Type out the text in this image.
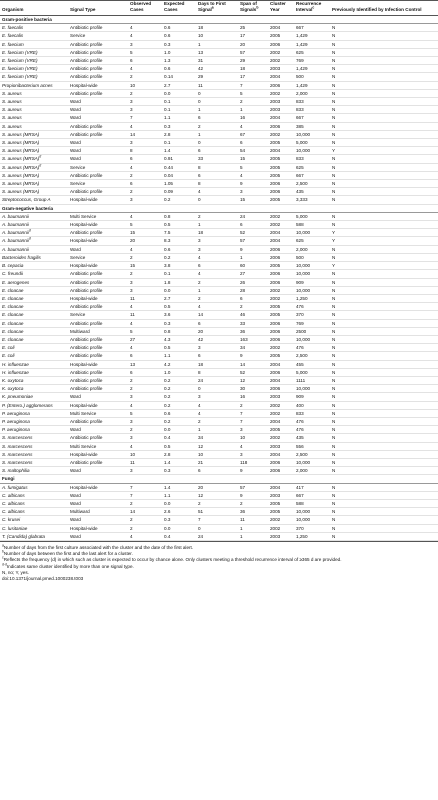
Organism	Signal Type	Observed Cases	Expected Cases	Days to First Signal$^a$	Span of Signals$^b$	Cluster Year	Recurrence Interval$^c$	Previously Identified by Infection Control
Gram-positive bacteria								
E. faecalis	Antibiotic profile	4	0.6	18	25	2004	667	N
E. faecalis	Service	4	0.6	10	17	2005	1,429	N
E. faecium	Antibiotic profile	3	0.3	1	20	2006	1,429	N
E. faecium (VRE)	Antibiotic profile	5	1.0	13	57	2002	625	N
E. faecium (VRE)	Antibiotic profile	6	1.3	31	29	2002	769	N
E. faecium (VRE)	Antibiotic profile	4	0.6	42	18	2003	1,429	N
E. faecium (VRE)	Antibiotic profile	2	0.14	29	17	2004	500	N
Propionibacterium acnes	Hospital-wide	10	2.7	11	7	2006	1,429	N
S. aureus	Antibiotic profile	2	0.0	0	5	2002	2,000	N
S. aureus	Ward	3	0.1	0	2	2003	833	N
S. aureus	Ward	3	0.1	1	1	2003	833	N
S. aureus	Ward	7	1.1	6	16	2004	667	N
S. aureus	Antibiotic profile	4	0.3	2	4	2006	385	N
S. aureus (MRSA)	Antibiotic profile	14	2.8	1	67	2002	10,000	N
S. aureus (MRSA)	Ward	3	0.1	0	6	2005	5,000	N
S. aureus (MRSA)	Ward	8	1.4	6	54	2004	10,000	Y
S. aureus (MRSA)$^d$	Ward	6	0.91	33	15	2005	833	N
S. aureus (MRSA)$^d$	Service	4	0.44	8	5	2005	625	N
S. aureus (MRSA)	Antibiotic profile	2	0.04	6	4	2005	667	N
S. aureus (MRSA)	Service	6	1.05	8	9	2006	2,500	N
S. aureus (MRSA)	Antibiotic profile	2	0.09	4	3	2006	435	N
Streptococcus, Group A	Hospital-wide	3	0.2	0	15	2005	3,333	N
Gram-negative bacteria								
A. baumannii	Multi Service	4	0.8	2	24	2002	5,000	N
A. baumannii	Hospital-wide	5	0.5	1	6	2002	588	N
A. baumannii$^d$	Antibiotic profile	15	7.5	18	52	2004	10,000	Y
A. baumannii$^d$	Hospital-wide	20	8.3	3	57	2004	625	Y
A. baumannii	Ward	4	0.6	3	9	2006	2,000	N
Bacteroides fragilis	Service	2	0.2	4	1	2006	500	N
B. cepacia	Hospital-wide	15	3.8	6	60	2005	10,000	Y
C. freundii	Antibiotic profile	2	0.1	4	27	2006	10,000	N
E. aerogenes	Antibiotic profile	3	1.8	2	26	2006	909	N
E. cloacae	Antibiotic profile	3	0.0	1	28	2002	10,000	N
E. cloacae	Hospital-wide	11	2.7	2	6	2002	1,250	N
E. cloacae	Antibiotic profile	4	0.5	4	2	2005	476	N
E. cloacae	Service	11	3.6	14	46	2005	370	N
E. cloacae	Antibiotic profile	4	0.3	6	33	2006	769	N
E. cloacae	Multiward	5	0.8	20	36	2006	2500	N
E. cloacae	Antibiotic profile	27	4.3	42	163	2006	10,000	N
E. coli	Antibiotic profile	4	0.5	3	34	2002	476	N
E. coli	Antibiotic profile	6	1.1	6	9	2005	2,500	N
H. influenzae	Hospital-wide	13	4.2	18	14	2004	455	N
H. influenzae	Antibiotic profile	6	1.0	8	52	2006	5,000	N
K. oxytoca	Antibiotic profile	2	0.2	24	12	2004	1111	N
K. oxytoca	Antibiotic profile	2	0.2	0	30	2006	10,000	N
K. pneumoniae	Ward	3	0.2	3	16	2003	909	N
P. (Entero.) agglomerans	Hospital-wide	4	0.2	4	2	2002	400	N
P. aeruginosa	Multi Service	5	0.6	4	7	2002	833	N
P. aeruginosa	Antibiotic profile	3	0.2	2	7	2004	476	N
P. aeruginosa	Ward	2	0.0	1	3	2005	476	N
S. marcescens	Antibiotic profile	3	0.4	34	10	2002	435	N
S. marcescens	Multi Service	4	0.5	12	4	2003	556	N
S. marcescens	Hospital-wide	10	2.8	10	3	2004	2,500	N
S. marcescens	Antibiotic profile	11	1.4	21	118	2006	10,000	N
S. maltophilia	Ward	3	0.3	6	9	2006	2,000	N
Fungi								
A. fumigatus	Hospital-wide	7	1.4	20	57	2004	417	N
C. albicans	Ward	7	1.1	12	9	2003	667	N
C. albicans	Ward	2	0.0	2	2	2005	588	N
C. albicans	Multiward	14	2.6	51	36	2005	10,000	N
C. krusei	Ward	2	0.3	7	11	2002	10,000	N
C. lusitaniae	Hospital-wide	2	0.0	0	1	2002	370	N
T. (Candida) glabrata	Ward	4	0.4	24	1	2003	1,250	N
$^a$Number of days from the first culture associated with the cluster and the date of the first alert.
$^b$Number of days between the first and the last alert for a cluster.
$^c$Reflects the frequency (d) in which such as cluster is expected to occur by chance alone. Only clusters meeting a threshold recurrence interval of ≥365 d are provided.
$^{d-d}$Indicates same cluster identified by more than one signal type.
N, no; Y, yes.
doi:10.1371/journal.pmed.1000238.t003
